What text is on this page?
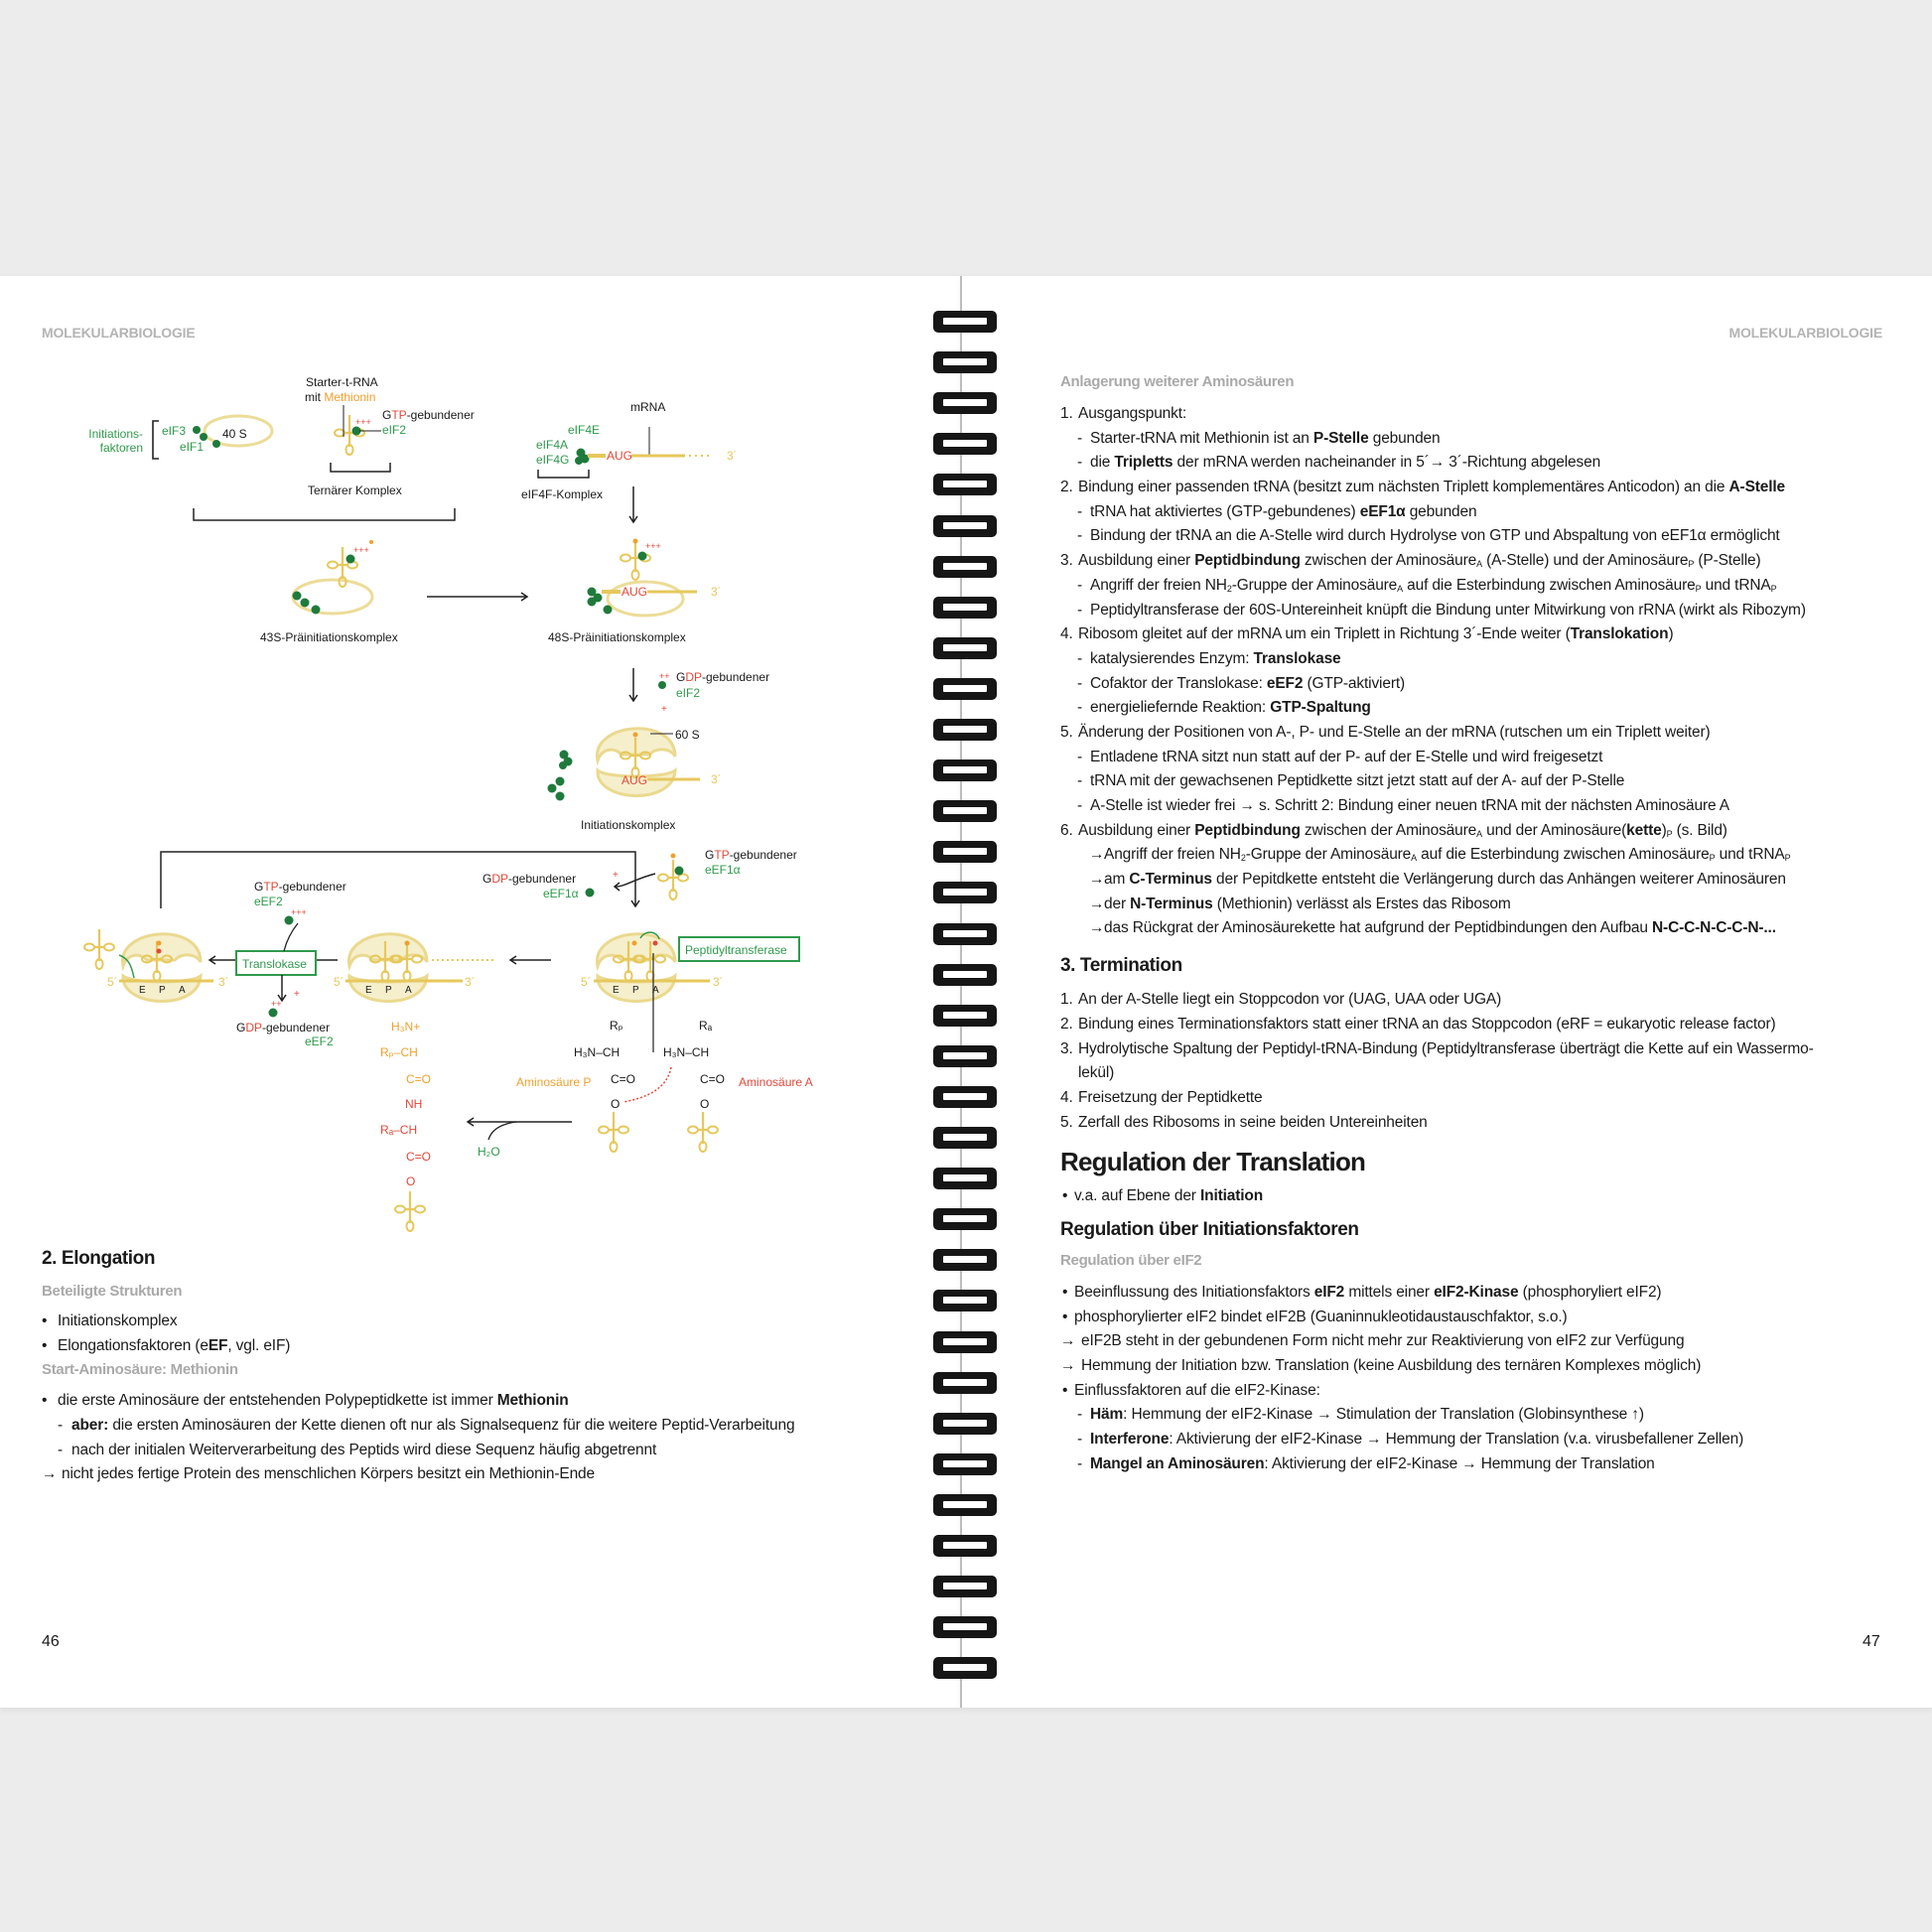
MOLEKULARBIOLOGIE	MOLEKULARBIOLOGIE
46	47
Initiations-
faktoren
eIF3
eIF1
40 S
Starter-t-RNA
mit Methionin
+++ GTP-gebundener
eIF2
Ternärer Komplex
mRNA
eIF4E
eIF4A
eIF4G	AUG	3´
eIF4F-Komplex
+++
43S-Präinitiationskomplex
+++
AUG	3´
48S-Präinitiationskomplex
++
+
GDP-gebundener
eIF2
60 S
AUG	3´
Initiationskomplex
GTP-gebundener
eEF1α
GDP-gebundener
eEF1α
+
5´	3´
E P A
Peptidyltransferase
5´	3´
E P A
Translokase
GTP-gebundener
eEF2
+++
++
+
GDP-gebundener
eEF2
5´	3´
E P A
H₃N+
Rₚ–CH
C=O
NH
Rₐ–CH
C=O
O
H₂O
Rₚ
H₃N–CH
C=O
O
Aminosäure P
Rₐ
H₃N–CH
C=O
O
Aminosäure A
2. Elongation
Beteiligte Strukturen
• Initiationskomplex
• Elongationsfaktoren (eEF, vgl. eIF)
Start-Aminosäure: Methionin
• die erste Aminosäure der entstehenden Polypeptidkette ist immer Methionin
- aber: die ersten Aminosäuren der Kette dienen oft nur als Signalsequenz für die weitere Peptid-Verarbeitung
- nach der initialen Weiterverarbeitung des Peptids wird diese Sequenz häufig abgetrennt
→ nicht jedes fertige Protein des menschlichen Körpers besitzt ein Methionin-Ende
Anlagerung weiterer Aminosäuren
1. Ausgangspunkt:
- Starter-tRNA mit Methionin ist an P-Stelle gebunden
- die Tripletts der mRNA werden nacheinander in 5´→ 3´-Richtung abgelesen
2. Bindung einer passenden tRNA (besitzt zum nächsten Triplett komplementäres Anticodon) an die A-Stelle
- tRNA hat aktiviertes (GTP-gebundenes) eEF1α gebunden
- Bindung der tRNA an die A-Stelle wird durch Hydrolyse von GTP und Abspaltung von eEF1α ermöglicht
3. Ausbildung einer Peptidbindung zwischen der Aminosäure$_A$ (A-Stelle) und der Aminosäure$_P$ (P-Stelle)
- Angriff der freien $NH_2$-Gruppe der Aminosäure$_A$ auf die Esterbindung zwischen Aminosäure$_P$ und tRNA$_P$
- Peptidyltransferase der 60S-Untereinheit knüpft die Bindung unter Mitwirkung von rRNA (wirkt als Ribozym)
4. Ribosom gleitet auf der mRNA um ein Triplett in Richtung 3´-Ende weiter (Translokation)
- katalysierendes Enzym: Translokase
- Cofaktor der Translokase: eEF2 (GTP-aktiviert)
- energieliefernde Reaktion: GTP-Spaltung
5. Änderung der Positionen von A-, P- und E-Stelle an der mRNA (rutschen um ein Triplett weiter)
- Entladene tRNA sitzt nun statt auf der P- auf der E-Stelle und wird freigesetzt
- tRNA mit der gewachsenen Peptidkette sitzt jetzt statt auf der A- auf der P-Stelle
- A-Stelle ist wieder frei → s. Schritt 2: Bindung einer neuen tRNA mit der nächsten Aminosäure A
6. Ausbildung einer Peptidbindung zwischen der Aminosäure$_A$ und der $Aminosäure(kette)_P$ (s. Bild)
→ Angriff der freien $NH_2$-Gruppe der Aminosäure$_A$ auf die Esterbindung zwischen Aminosäure$_P$ und tRNA$_P$
→ am C-Terminus der Pepitdkette entsteht die Verlängerung durch das Anhängen weiterer Aminosäuren
→ der N-Terminus (Methionin) verlässt als Erstes das Ribosom
→ das Rückgrat der Aminosäurekette hat aufgrund der Peptidbindungen den Aufbau N-C-C-N-C-C-N-...
3. Termination
1. An der A-Stelle liegt ein Stoppcodon vor (UAG, UAA oder UGA)
2. Bindung eines Terminationsfaktors statt einer tRNA an das Stoppcodon (eRF = eukaryotic release factor)
3. Hydrolytische Spaltung der Peptidyl-tRNA-Bindung (Peptidyltransferase überträgt die Kette auf ein Wassermo-
lekül)
4. Freisetzung der Peptidkette
5. Zerfall des Ribosoms in seine beiden Untereinheiten
Regulation der Translation
• v.a. auf Ebene der Initiation
Regulation über Initiationsfaktoren
Regulation über eIF2
• Beeinflussung des Initiationsfaktors eIF2 mittels einer eIF2-Kinase (phosphoryliert eIF2)
• phosphorylierter eIF2 bindet eIF2B (Guaninnukleotidaustauschfaktor, s.o.)
→ eIF2B steht in der gebundenen Form nicht mehr zur Reaktivierung von eIF2 zur Verfügung
→ Hemmung der Initiation bzw. Translation (keine Ausbildung des ternären Komplexes möglich)
• Einflussfaktoren auf die eIF2-Kinase:
- Häm: Hemmung der eIF2-Kinase → Stimulation der Translation (Globinsynthese ↑)
- Interferone: Aktivierung der eIF2-Kinase → Hemmung der Translation (v.a. virusbefallener Zellen)
- Mangel an Aminosäuren: Aktivierung der eIF2-Kinase → Hemmung der Translation
